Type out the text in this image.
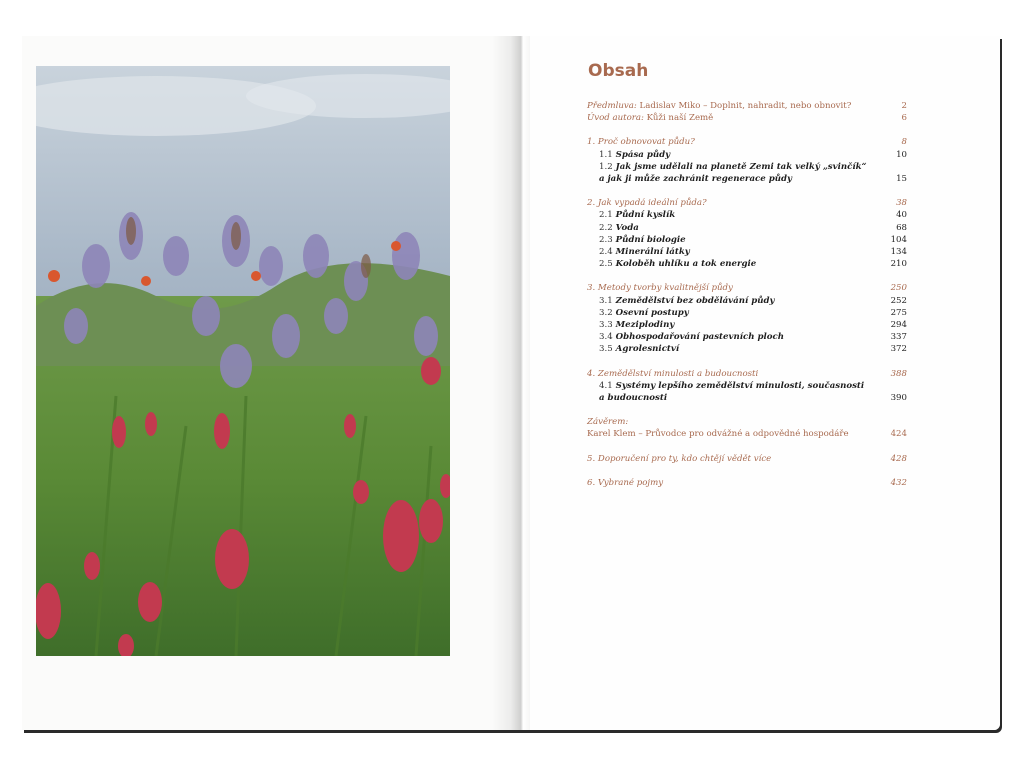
Obsah
Předmluva: Ladislav Miko – Doplnit, nahradit, nebo obnovit?	2
Úvod autora: Kůži naší Země	6
1. Proč obnovovat půdu?	8
1.1 Spása půdy	10
1.2 Jak jsme udělali na planetě Zemi tak velký „svinčík“
a jak ji může zachránit regenerace půdy	15
2. Jak vypadá ideální půda?	38
2.1 Půdní kyslík	40
2.2 Voda	68
2.3 Půdní biologie	104
2.4 Minerální látky	134
2.5 Koloběh uhlíku a tok energie	210
3. Metody tvorby kvalitnější půdy	250
3.1 Zemědělství bez obdělávání půdy	252
3.2 Osevní postupy	275
3.3 Meziplodiny	294
3.4 Obhospodařování pastevních ploch	337
3.5 Agrolesnictví	372
4. Zemědělství minulosti a budoucnosti	388
4.1 Systémy lepšího zemědělství minulosti, současnosti
a budoucnosti	390
Závěrem:
Karel Klem – Průvodce pro odvážné a odpovědné hospodáře	424
5. Doporučení pro ty, kdo chtějí vědět více	428
6. Vybrané pojmy	432
